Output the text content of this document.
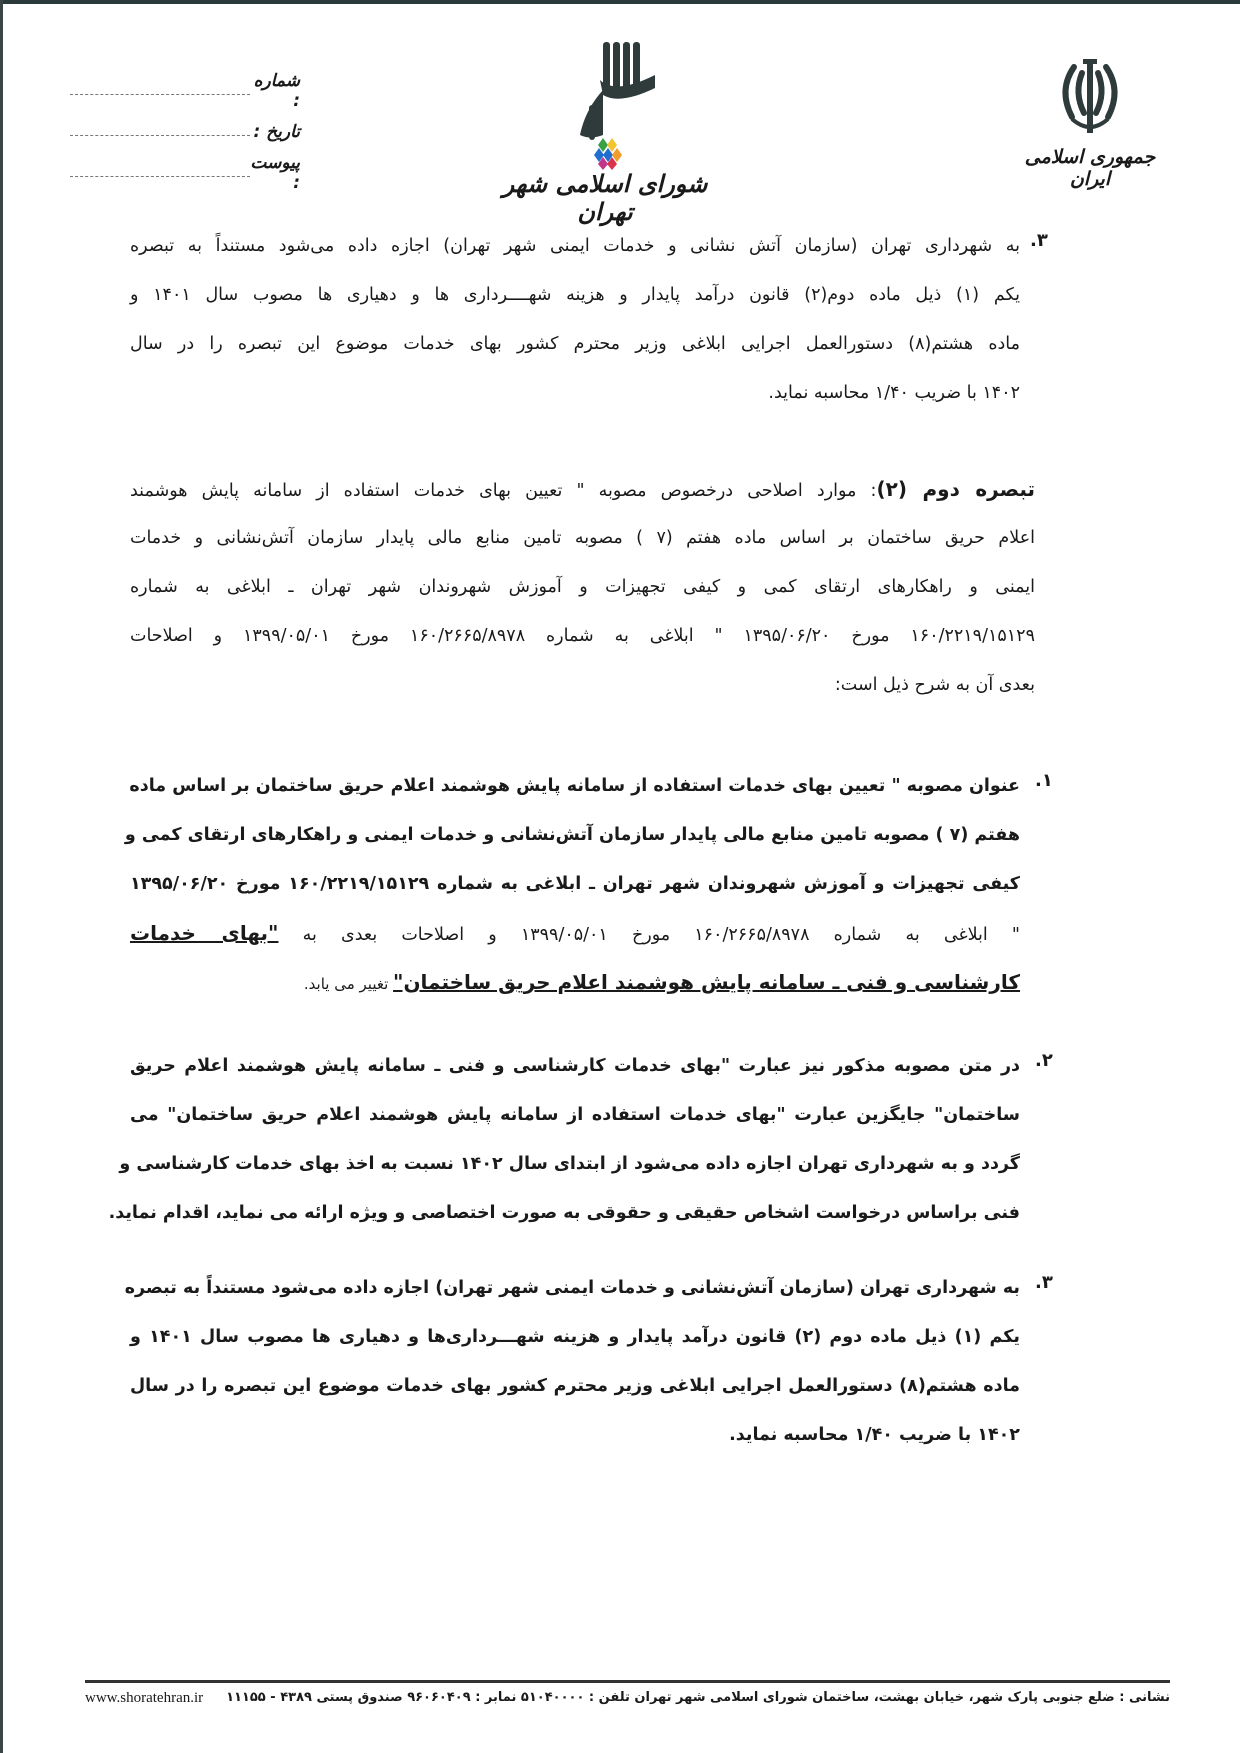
شماره :
تاریخ :
پیوست :	شورای اسلامی شهر تهران
جمهوری اسلامی ایران
۳.
به شهرداری تهران (سازمان آتش نشانی و خدمات ایمنی شهر تهران) اجازه داده می‌شود مستنداً به تبصره
یکم (۱) ذیل ماده دوم(۲) قانون درآمد پایدار و هزینه شهــــرداری ها و دهیاری ها مصوب سال ۱۴۰۱ و
ماده هشتم(۸) دستورالعمل اجرایی ابلاغی وزیر محترم کشور بهای خدمات موضوع این تبصره را در سال
۱۴۰۲ با ضریب ۱/۴۰ محاسبه نماید.
تبصره دوم (۲): موارد اصلاحی درخصوص مصوبه " تعیین بهای خدمات استفاده از سامانه پایش هوشمند
اعلام حریق ساختمان بر اساس ماده هفتم (۷ ) مصوبه تامین منابع مالی پایدار سازمان آتش‌نشانی و خدمات
ایمنی و راهکارهای ارتقای کمی و کیفی تجهیزات و آموزش شهروندان شهر تهران ـ ابلاغی به شماره
۱۶۰/۲۲۱۹/۱۵۱۲۹ مورخ ۱۳۹۵/۰۶/۲۰ " ابلاغی به شماره ۱۶۰/۲۶۶۵/۸۹۷۸ مورخ ۱۳۹۹/۰۵/۰۱ و اصلاحات
بعدی آن به شرح ذیل است:
۱.
عنوان مصوبه " تعیین بهای خدمات استفاده از سامانه پایش هوشمند اعلام حریق ساختمان بر اساس ماده
هفتم (۷ ) مصوبه تامین منابع مالی پایدار سازمان آتش‌نشانی و خدمات ایمنی و راهکارهای ارتقای کمی و
کیفی تجهیزات و آموزش شهروندان شهر تهران ـ ابلاغی به شماره ۱۶۰/۲۲۱۹/۱۵۱۲۹ مورخ ۱۳۹۵/۰۶/۲۰
" ابلاغی به شماره ۱۶۰/۲۶۶۵/۸۹۷۸ مورخ ۱۳۹۹/۰۵/۰۱ و اصلاحات بعدی به "بهای خدمات
کارشناسی و فنی ـ سامانه پایش هوشمند اعلام حریق ساختمان" تغییر می یابد.
۲.
در متن مصوبه مذکور نیز عبارت "بهای خدمات کارشناسی و فنی ـ سامانه پایش هوشمند اعلام حریق
ساختمان" جایگزین عبارت "بهای خدمات استفاده از سامانه پایش هوشمند اعلام حریق ساختمان" می
گردد و به شهرداری تهران اجازه داده می‌شود از ابتدای سال ۱۴۰۲ نسبت به اخذ بهای خدمات کارشناسی و
فنی براساس درخواست اشخاص حقیقی و حقوقی به صورت اختصاصی و ویژه ارائه می نماید، اقدام نماید.
۳.
به شهرداری تهران (سازمان آتش‌نشانی و خدمات ایمنی شهر تهران) اجازه داده می‌شود مستنداً به تبصره
یکم (۱) ذیل ماده دوم (۲) قانون درآمد پایدار و هزینه شهـــرداری‌ها و دهیاری ها مصوب سال ۱۴۰۱ و
ماده هشتم(۸) دستورالعمل اجرایی ابلاغی وزیر محترم کشور بهای خدمات موضوع این تبصره را در سال
۱۴۰۲ با ضریب ۱/۴۰ محاسبه نماید.
نشانی : ضلع جنوبی پارک شهر، خیابان بهشت، ساختمان شورای اسلامی شهر تهران تلفن : ۵۱۰۴۰۰۰۰ نمابر : ۹۶۰۶۰۴۰۹ صندوق پستی ۴۳۸۹ - ۱۱۱۵۵
www.shoratehran.ir
